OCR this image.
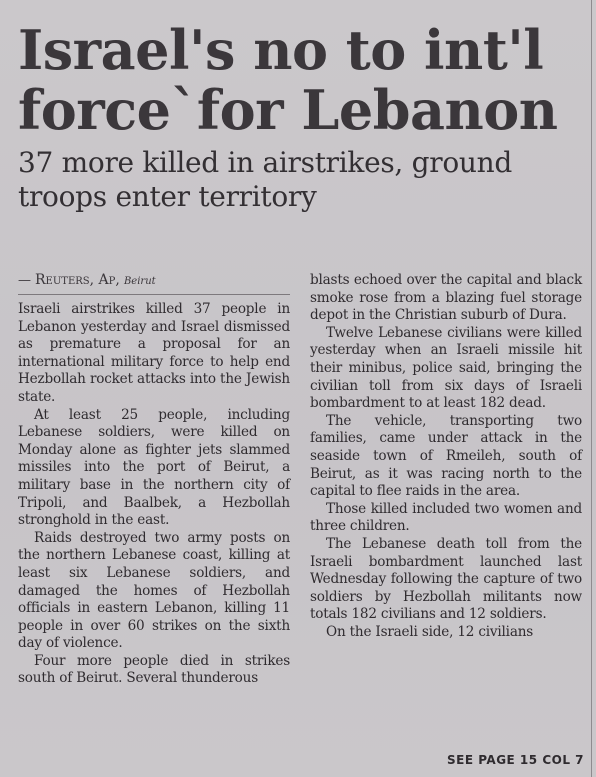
Israel's no to int'l
force`for Lebanon
37 more killed in airstrikes, ground
troops enter territory
— Reuters, Ap, Beirut

Israeli airstrikes killed 37 people in Lebanon yesterday and Israel dismissed as premature a proposal for an international military force to help end Hezbollah rocket attacks into the Jewish state.

At least 25 people, including Lebanese soldiers, were killed on Monday alone as fighter jets slammed missiles into the port of Beirut, a military base in the northern city of Tripoli, and Baalbek, a Hezbollah stronghold in the east.

Raids destroyed two army posts on the northern Lebanese coast, killing at least six Lebanese soldiers, and damaged the homes of Hezbollah officials in eastern Lebanon, killing 11 people in over 60 strikes on the sixth day of violence.

Four more people died in strikes south of Beirut. Several thunderous

blasts echoed over the capital and black smoke rose from a blazing fuel storage depot in the Christian suburb of Dura.

Twelve Lebanese civilians were killed yesterday when an Israeli missile hit their minibus, police said, bringing the civilian toll from six days of Israeli bombardment to at least 182 dead.

The vehicle, transporting two families, came under attack in the seaside town of Rmeileh, south of Beirut, as it was racing north to the capital to flee raids in the area.

Those killed included two women and three children.

The Lebanese death toll from the Israeli bombardment launched last Wednesday following the capture of two soldiers by Hezbollah militants now totals 182 civilians and 12 soldiers.

On the Israeli side, 12 civilians

SEE PAGE 15 COL 7
